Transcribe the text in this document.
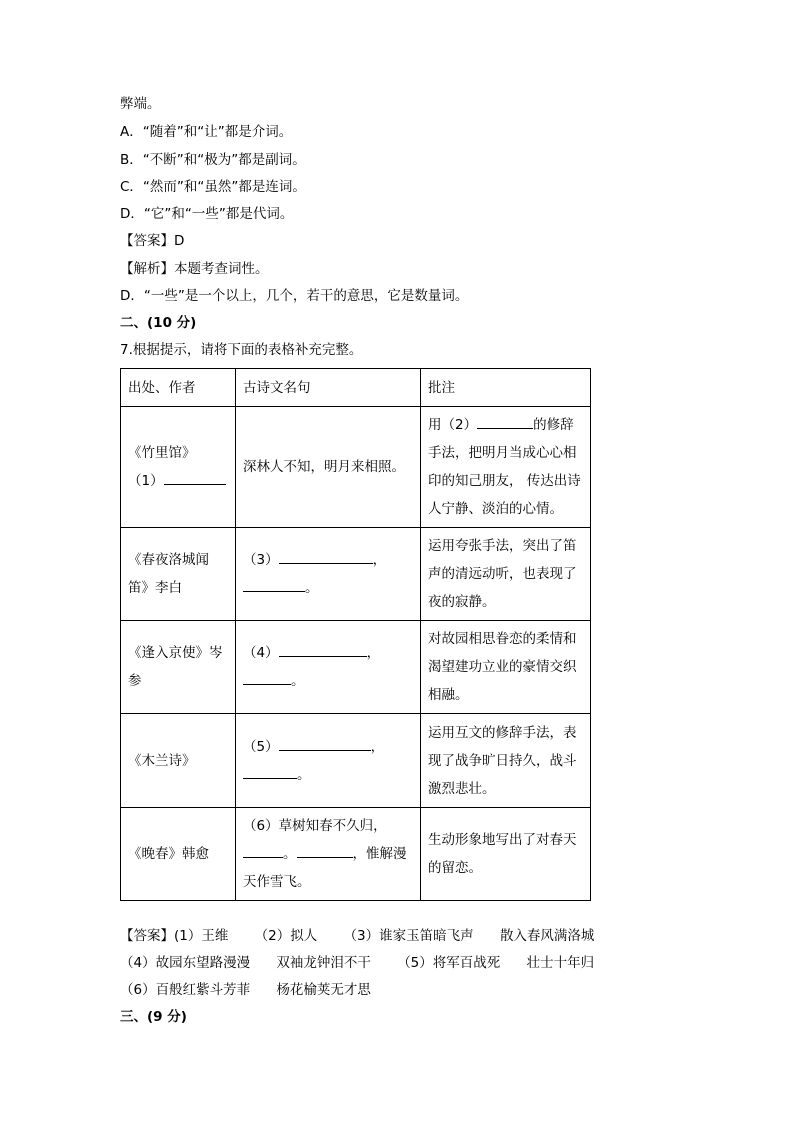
弊端。
A．“随着”和“让”都是介词。
B．“不断”和“极为”都是副词。
C．“然而”和“虽然”都是连词。
D．“它”和“一些”都是代词。
【答案】D
【解析】本题考查词性。
D．“一些”是一个以上，几个，若干的意思，它是数量词。
二、(10 分)
7.根据提示，请将下面的表格补充完整。
出处、作者	古诗文名句	批注
《竹里馆》
（1）	深林人不知，明月来相照。	用（2） 的修辞手法，把明月当成心心相印的知己朋友， 传达出诗人宁静、淡泊的心情。
《春夜洛城闻笛》李白	（3） ，
。	运用夸张手法，突出了笛声的清远动听，也表现了夜的寂静。
《逢入京使》岑参	（4） ，
。	对故园相思眷恋的柔情和渴望建功立业的豪情交织相融。
《木兰诗》	（5） ，
。	运用互文的修辞手法，表现了战争旷日持久，战斗激烈悲壮。
《晚春》韩愈	（6）草树知春不久归，
。 ，惟解漫天作雪飞。	生动形象地写出了对春天的留恋。
【答案】(1）王维 （2）拟人 （3）谁家玉笛暗飞声 散入春风满洛城
（4）故园东望路漫漫 双袖龙钟泪不干 （5）将军百战死 壮士十年归
（6）百般红紫斗芳菲 杨花榆荚无才思
三、(9 分)
